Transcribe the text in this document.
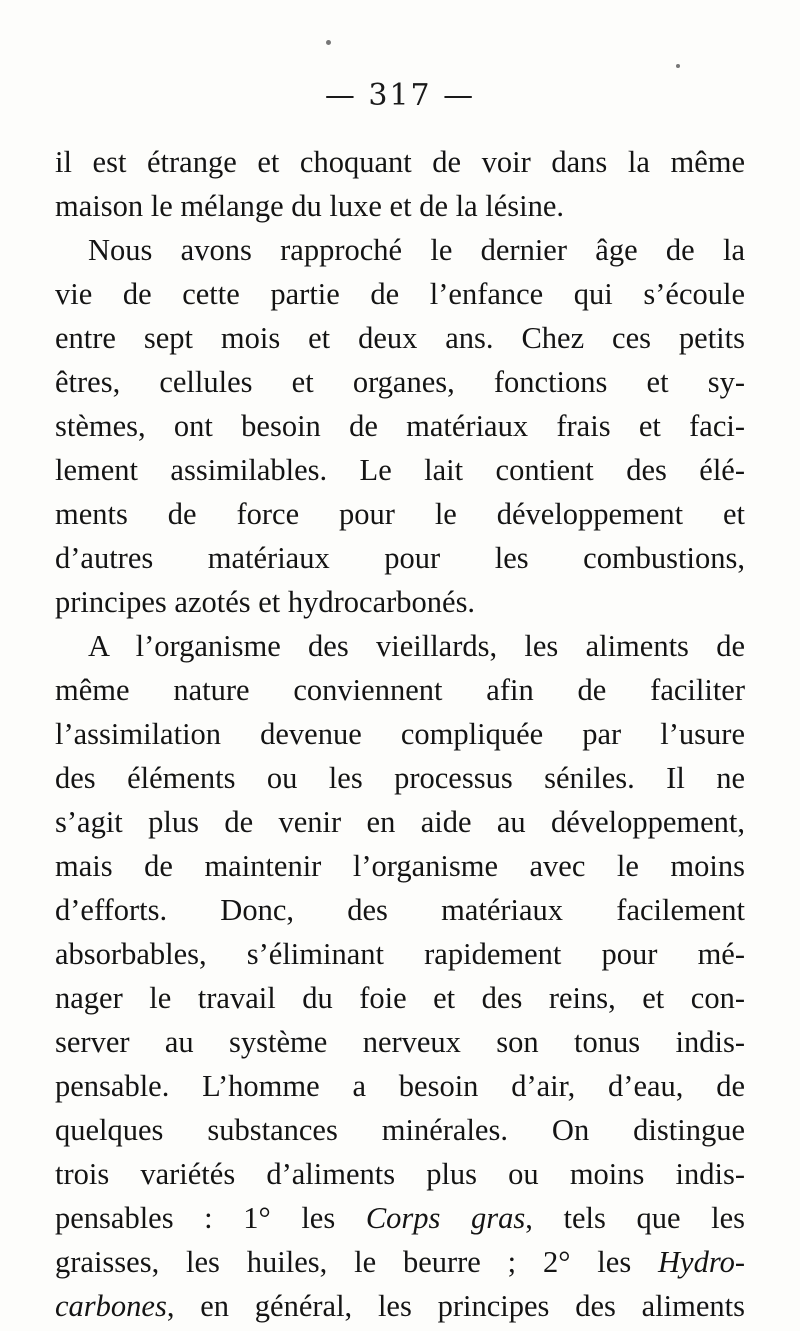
— 317 —
il est étrange et choquant de voir dans la même
maison le mélange du luxe et de la lésine.
Nous avons rapproché le dernier âge de la
vie de cette partie de l’enfance qui s’écoule
entre sept mois et deux ans. Chez ces petits
êtres, cellules et organes, fonctions et sy-
stèmes, ont besoin de matériaux frais et faci-
lement assimilables. Le lait contient des élé-
ments de force pour le développement et
d’autres matériaux pour les combustions,
principes azotés et hydrocarbonés.
A l’organisme des vieillards, les aliments de
même nature conviennent afin de faciliter
l’assimilation devenue compliquée par l’usure
des éléments ou les processus séniles. Il ne
s’agit plus de venir en aide au développement,
mais de maintenir l’organisme avec le moins
d’efforts. Donc, des matériaux facilement
absorbables, s’éliminant rapidement pour mé-
nager le travail du foie et des reins, et con-
server au système nerveux son tonus indis-
pensable. L’homme a besoin d’air, d’eau, de
quelques substances minérales. On distingue
trois variétés d’aliments plus ou moins indis-
pensables : 1° les Corps gras, tels que les
graisses, les huiles, le beurre ; 2° les Hydro-
carbones, en général, les principes des aliments
